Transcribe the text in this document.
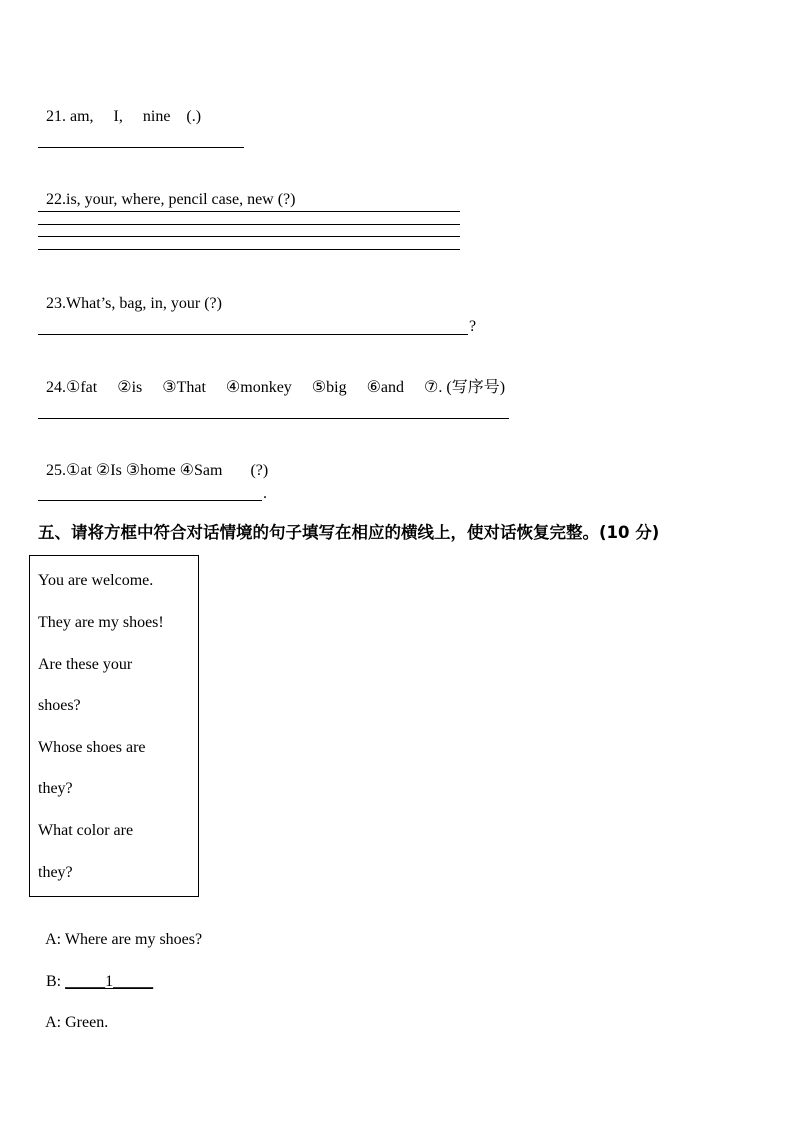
21. am,     I,     nine    (.)

22.is, your, where, pencil case, new (?)

23.What’s, bag, in, your (?)

?

24.①fat     ②is     ③That     ④monkey     ⑤big     ⑥and     ⑦. (写序号)

25.①at ②Is ③home ④Sam       (?)

.
五、请将方框中符合对话情境的句子填写在相应的横线上，使对话恢复完整。(10 分)
You are welcome.
They are my shoes!
Are these your
shoes?
Whose shoes are
they?
What color are
they?

A: Where are my shoes?

B: _____1_____

A: Green.
